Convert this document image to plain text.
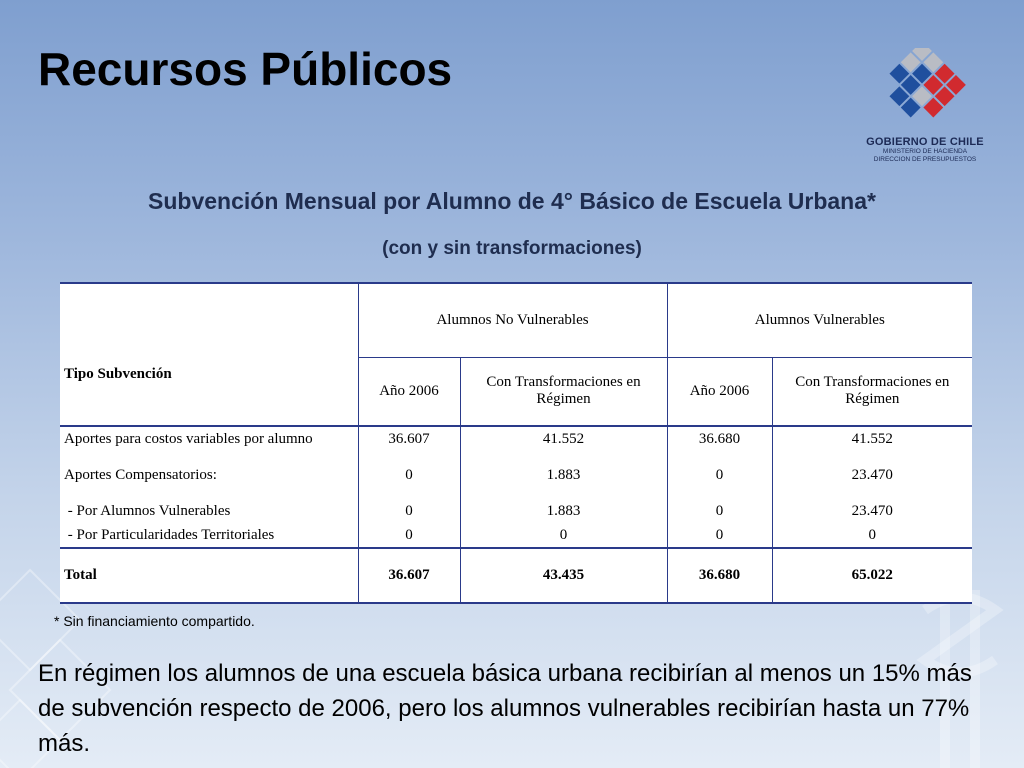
Recursos Públicos
GOBIERNO DE CHILE
MINISTERIO DE HACIENDA
DIRECCION DE PRESUPUESTOS
Subvención Mensual por Alumno de 4° Básico de Escuela Urbana*
(con y sin transformaciones)
Tipo Subvención	Alumnos No Vulnerables		Alumnos Vulnerables	
	Año 2006	Con Transformaciones en Régimen	Año 2006	Con Transformaciones en Régimen
Aportes para costos variables por alumno	36.607	41.552	36.680	41.552
Aportes Compensatorios:	0	1.883	0	23.470
- Por Alumnos Vulnerables	0	1.883	0	23.470
- Por Particularidades Territoriales	0	0	0	0
Total	36.607	43.435	36.680	65.022
* Sin financiamiento compartido.
En régimen los alumnos de una escuela básica urbana recibirían al menos un 15% más de subvención respecto de 2006, pero los alumnos vulnerables recibirían hasta un 77% más.
